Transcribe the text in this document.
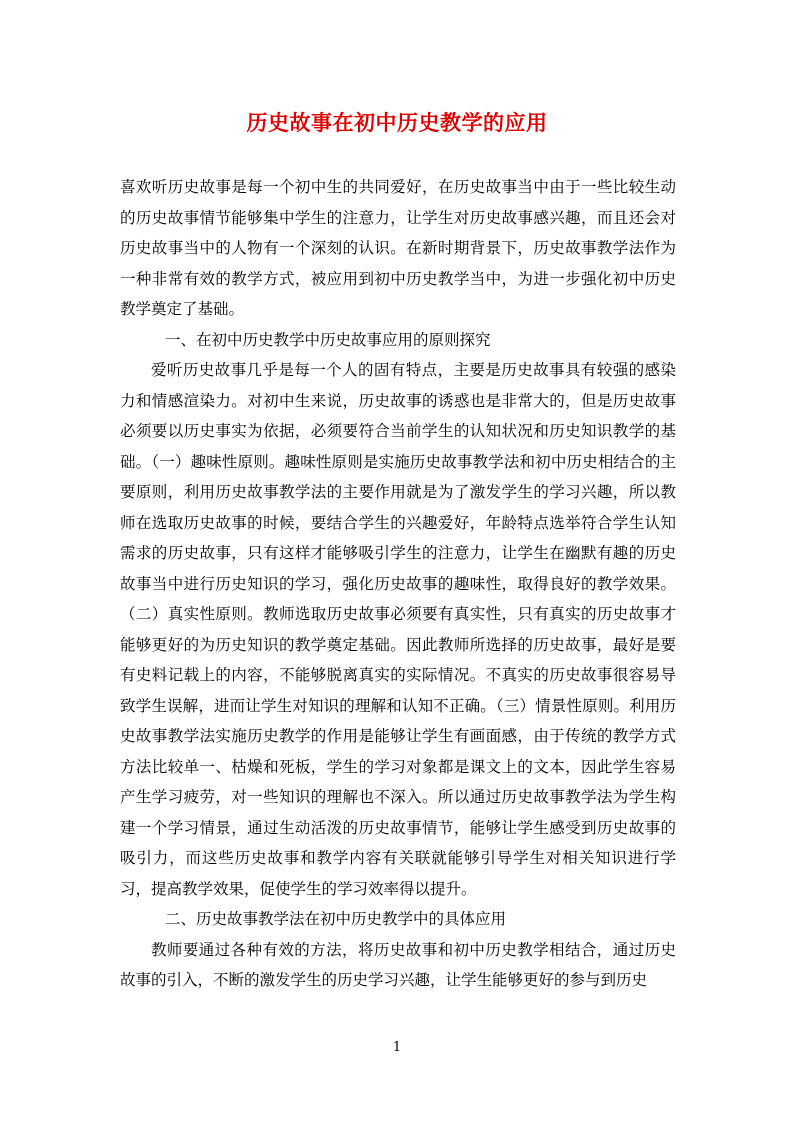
历史故事在初中历史教学的应用

喜欢听历史故事是每一个初中生的共同爱好，在历史故事当中由于一些比较生动的历史故事情节能够集中学生的注意力，让学生对历史故事感兴趣，而且还会对历史故事当中的人物有一个深刻的认识。在新时期背景下，历史故事教学法作为一种非常有效的教学方式，被应用到初中历史教学当中，为进一步强化初中历史教学奠定了基础。

一、在初中历史教学中历史故事应用的原则探究

爱听历史故事几乎是每一个人的固有特点，主要是历史故事具有较强的感染力和情感渲染力。对初中生来说，历史故事的诱惑也是非常大的，但是历史故事必须要以历史事实为依据，必须要符合当前学生的认知状况和历史知识教学的基础。（一）趣味性原则。趣味性原则是实施历史故事教学法和初中历史相结合的主要原则，利用历史故事教学法的主要作用就是为了激发学生的学习兴趣，所以教师在选取历史故事的时候，要结合学生的兴趣爱好，年龄特点选举符合学生认知需求的历史故事，只有这样才能够吸引学生的注意力，让学生在幽默有趣的历史故事当中进行历史知识的学习，强化历史故事的趣味性，取得良好的教学效果。（二）真实性原则。教师选取历史故事必须要有真实性，只有真实的历史故事才能够更好的为历史知识的教学奠定基础。因此教师所选择的历史故事，最好是要有史料记载上的内容，不能够脱离真实的实际情况。不真实的历史故事很容易导致学生误解，进而让学生对知识的理解和认知不正确。（三）情景性原则。利用历史故事教学法实施历史教学的作用是能够让学生有画面感，由于传统的教学方式方法比较单一、枯燥和死板，学生的学习对象都是课文上的文本，因此学生容易产生学习疲劳，对一些知识的理解也不深入。所以通过历史故事教学法为学生构建一个学习情景，通过生动活泼的历史故事情节，能够让学生感受到历史故事的吸引力，而这些历史故事和教学内容有关联就能够引导学生对相关知识进行学习，提高教学效果，促使学生的学习效率得以提升。

二、历史故事教学法在初中历史教学中的具体应用

教师要通过各种有效的方法，将历史故事和初中历史教学相结合，通过历史故事的引入，不断的激发学生的历史学习兴趣，让学生能够更好的参与到历史

1
